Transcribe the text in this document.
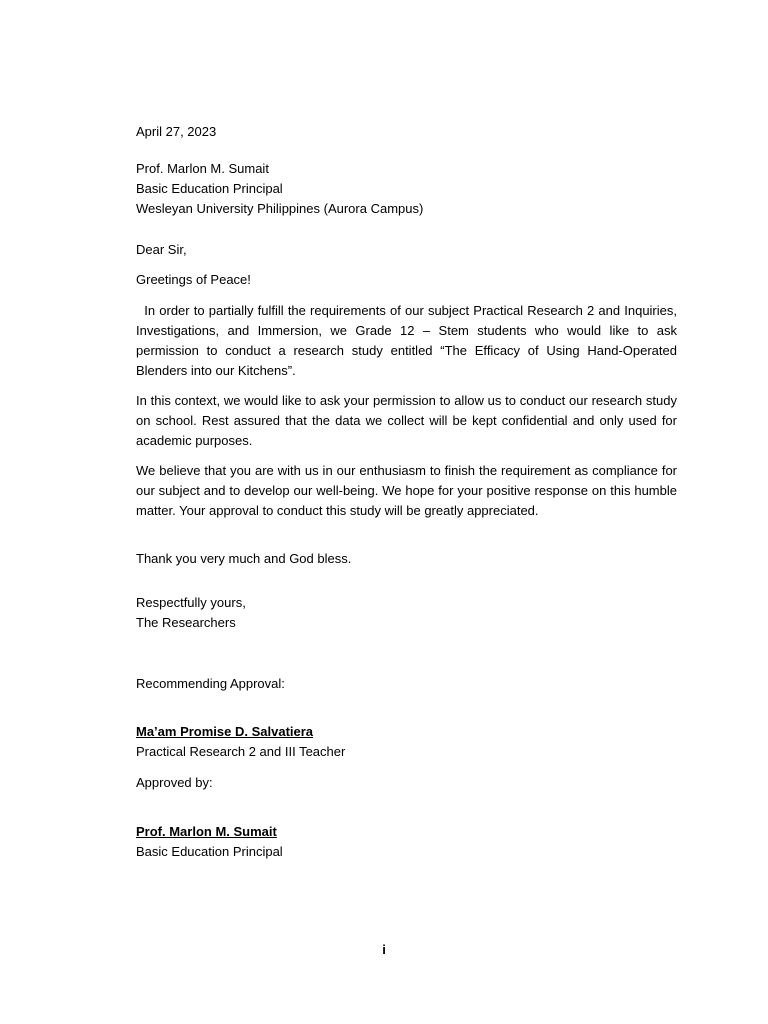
April 27, 2023
Prof. Marlon M. Sumait
Basic Education Principal
Wesleyan University Philippines (Aurora Campus)
Dear Sir,
Greetings of Peace!
In order to partially fulfill the requirements of our subject Practical Research 2 and Inquiries, Investigations, and Immersion, we Grade 12 – Stem students who would like to ask permission to conduct a research study entitled “The Efficacy of Using Hand-Operated Blenders into our Kitchens”.
In this context, we would like to ask your permission to allow us to conduct our research study on school. Rest assured that the data we collect will be kept confidential and only used for academic purposes.
We believe that you are with us in our enthusiasm to finish the requirement as compliance for our subject and to develop our well-being. We hope for your positive response on this humble matter. Your approval to conduct this study will be greatly appreciated.
Thank you very much and God bless.
Respectfully yours,
The Researchers
Recommending Approval:
Ma’am Promise D. Salvatiera
Practical Research 2 and III Teacher
Approved by:
Prof. Marlon M. Sumait
Basic Education Principal
i
